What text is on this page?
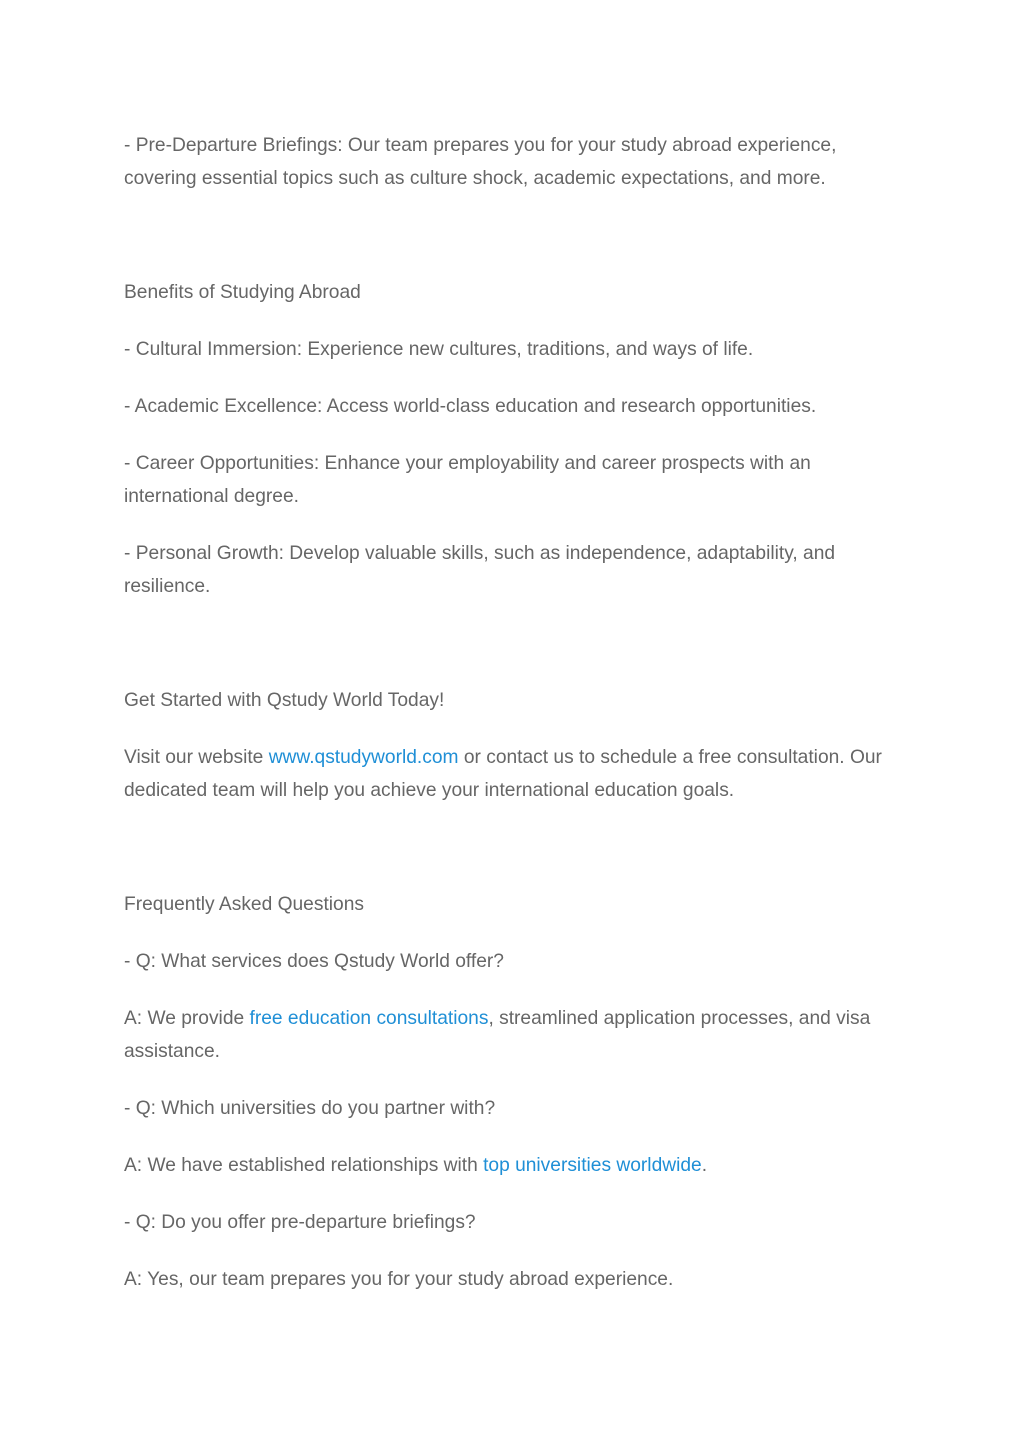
- Pre-Departure Briefings: Our team prepares you for your study abroad experience, covering essential topics such as culture shock, academic expectations, and more.

Benefits of Studying Abroad

- Cultural Immersion: Experience new cultures, traditions, and ways of life.

- Academic Excellence: Access world-class education and research opportunities.

- Career Opportunities: Enhance your employability and career prospects with an international degree.

- Personal Growth: Develop valuable skills, such as independence, adaptability, and resilience.

Get Started with Qstudy World Today!

Visit our website www.qstudyworld.com or contact us to schedule a free consultation. Our dedicated team will help you achieve your international education goals.

Frequently Asked Questions

- Q: What services does Qstudy World offer?

A: We provide free education consultations, streamlined application processes, and visa assistance.

- Q: Which universities do you partner with?

A: We have established relationships with top universities worldwide.

- Q: Do you offer pre-departure briefings?

A: Yes, our team prepares you for your study abroad experience.
